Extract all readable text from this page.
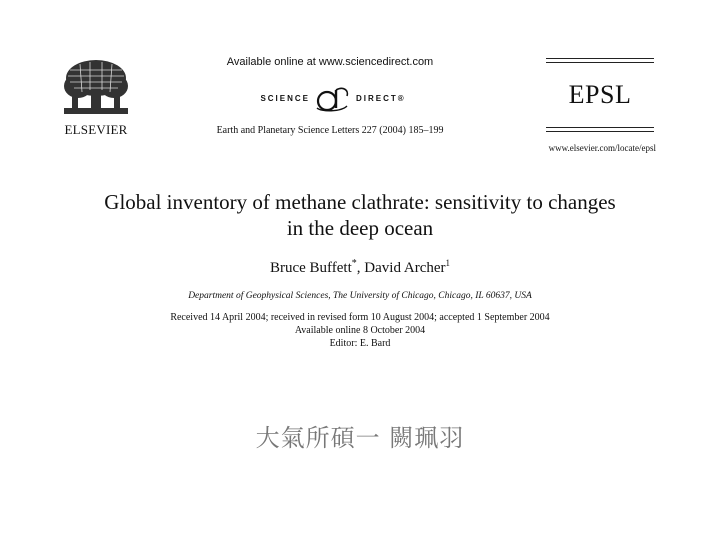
ELSEVIER
Available online at www.sciencedirect.com
SCIENCE	DIRECT®
Earth and Planetary Science Letters 227 (2004) 185–199
EPSL
www.elsevier.com/locate/epsl
Global inventory of methane clathrate: sensitivity to changes
in the deep ocean
Bruce Buffett*, David Archer$^1$
Department of Geophysical Sciences, The University of Chicago, Chicago, IL 60637, USA
Received 14 April 2004; received in revised form 10 August 2004; accepted 1 September 2004
Available online 8 October 2004
Editor: E. Bard
大氣所碩一 闕珮羽
